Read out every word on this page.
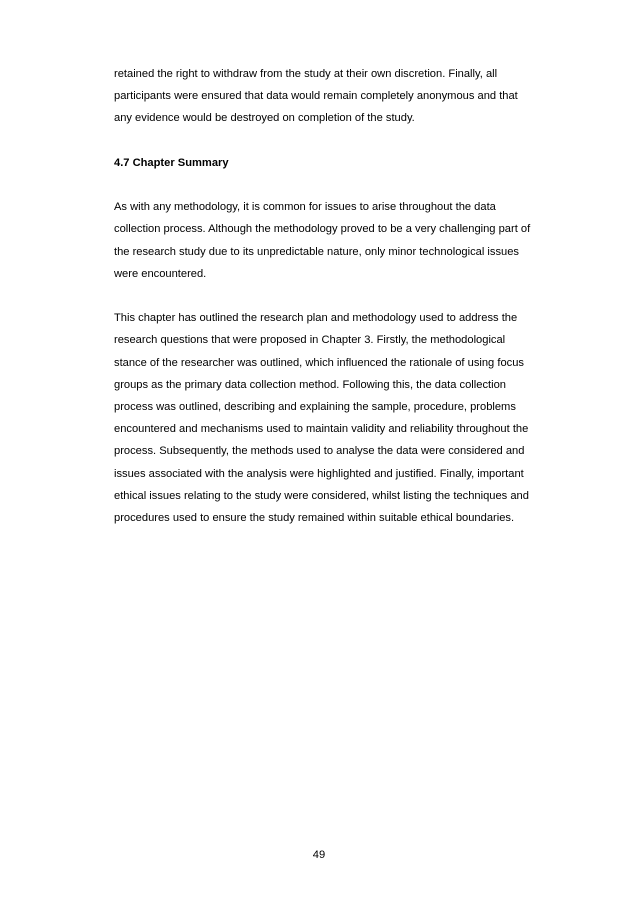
retained the right to withdraw from the study at their own discretion. Finally, all
participants were ensured that data would remain completely anonymous and that
any evidence would be destroyed on completion of the study.

4.7 Chapter Summary

As with any methodology, it is common for issues to arise throughout the data
collection process. Although the methodology proved to be a very challenging part of
the research study due to its unpredictable nature, only minor technological issues
were encountered.

This chapter has outlined the research plan and methodology used to address the
research questions that were proposed in Chapter 3. Firstly, the methodological
stance of the researcher was outlined, which influenced the rationale of using focus
groups as the primary data collection method. Following this, the data collection
process was outlined, describing and explaining the sample, procedure, problems
encountered and mechanisms used to maintain validity and reliability throughout the
process. Subsequently, the methods used to analyse the data were considered and
issues associated with the analysis were highlighted and justified. Finally, important
ethical issues relating to the study were considered, whilst listing the techniques and
procedures used to ensure the study remained within suitable ethical boundaries.

49
